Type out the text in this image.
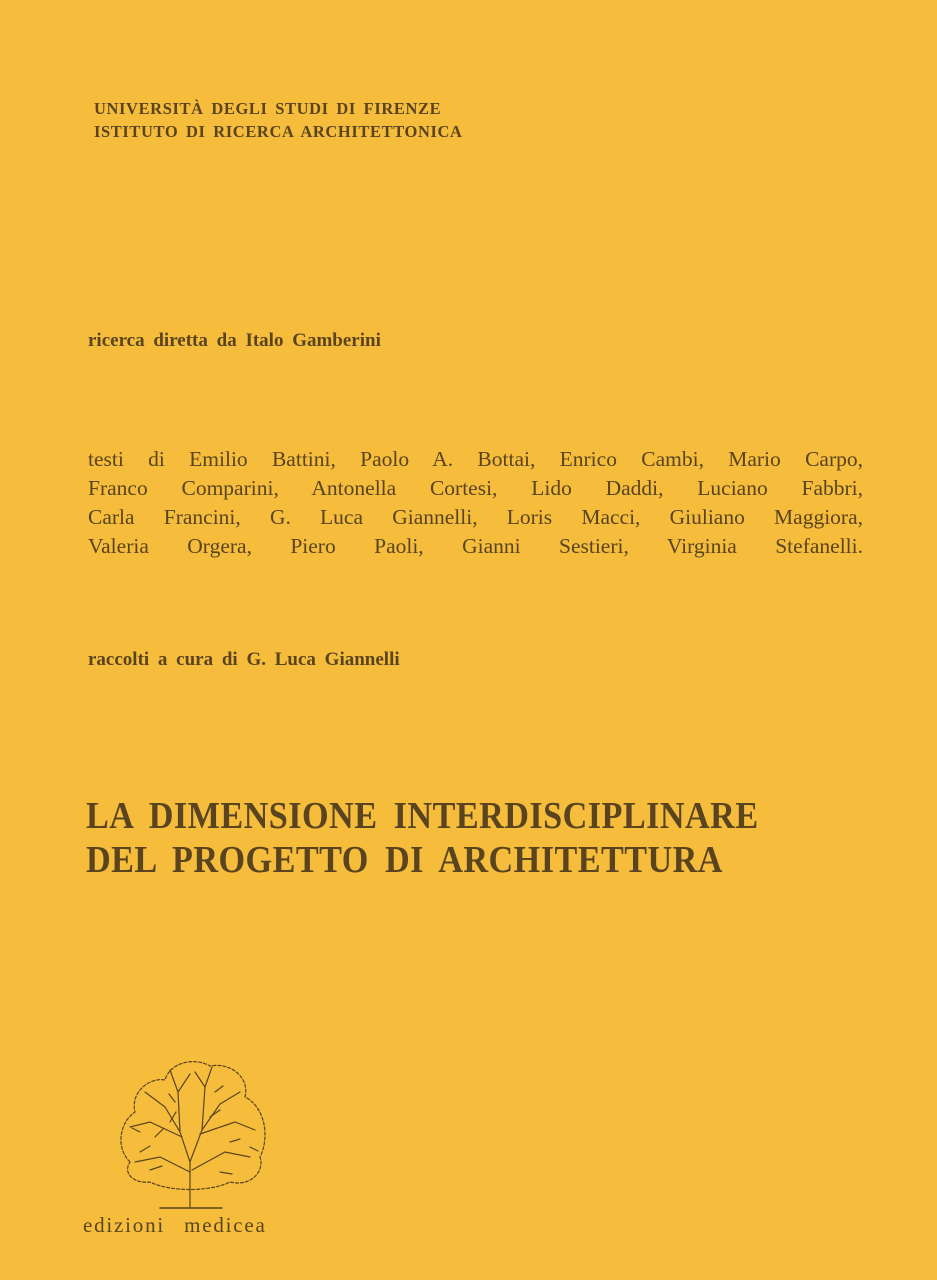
UNIVERSITÀ DEGLI STUDI DI FIRENZE
ISTITUTO DI RICERCA ARCHITETTONICA
ricerca diretta da Italo Gamberini
testi di Emilio Battini, Paolo A. Bottai, Enrico Cambi, Mario Carpo,
Franco Comparini, Antonella Cortesi, Lido Daddi, Luciano Fabbri,
Carla Francini, G. Luca Giannelli, Loris Macci, Giuliano Maggiora,
Valeria Orgera, Piero Paoli, Gianni Sestieri, Virginia Stefanelli.
raccolti a cura di G. Luca Giannelli
LA DIMENSIONE INTERDISCIPLINARE
DEL PROGETTO DI ARCHITETTURA
edizioni medicea
